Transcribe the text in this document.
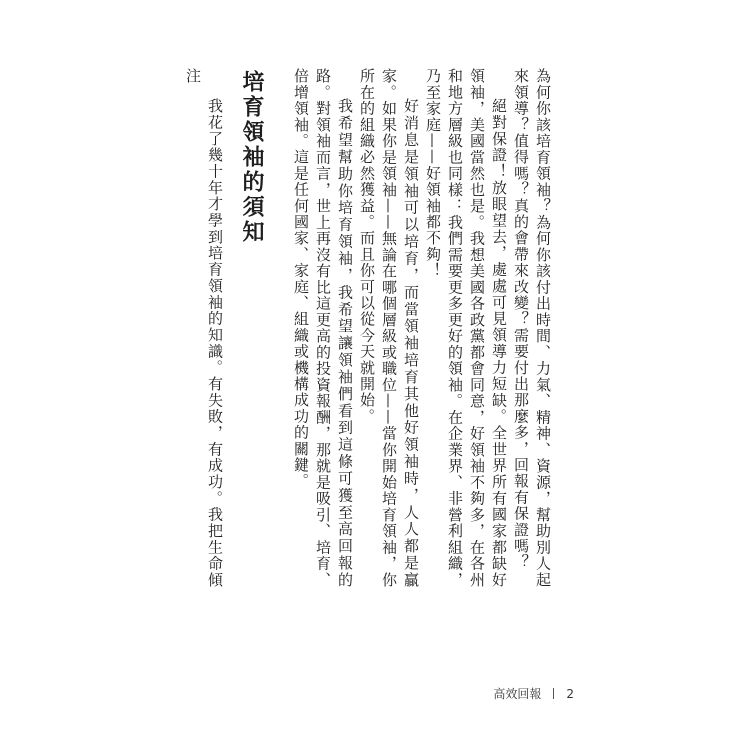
為何你該培育領袖？為何你該付出時間、力氣、精神、資源，幫助別人起來領導？值得嗎？真的會帶來改變？需要付出那麼多，回報有保證嗎？

絕對保證！放眼望去，處處可見領導力短缺。全世界所有國家都缺好領袖，美國當然也是。我想美國各政黨都會同意，好領袖不夠多，在各州和地方層級也同樣：我們需要更多更好的領袖。在企業界、非營利組織，乃至家庭——好領袖都不夠！

好消息是領袖可以培育，而當領袖培育其他好領袖時，人人都是贏家。如果你是領袖——無論在哪個層級或職位——當你開始培育領袖，你所在的組織必然獲益。而且你可以從今天就開始。

我希望幫助你培育領袖，我希望讓領袖們看到這條可獲至高回報的路。對領袖而言，世上再沒有比這更高的投資報酬，那就是吸引、培育、倍增領袖。這是任何國家、家庭、組織或機構成功的關鍵。

培育領袖的須知

我花了幾十年才學到培育領袖的知識。有失敗，有成功。我把生命傾注

高效回報 2
